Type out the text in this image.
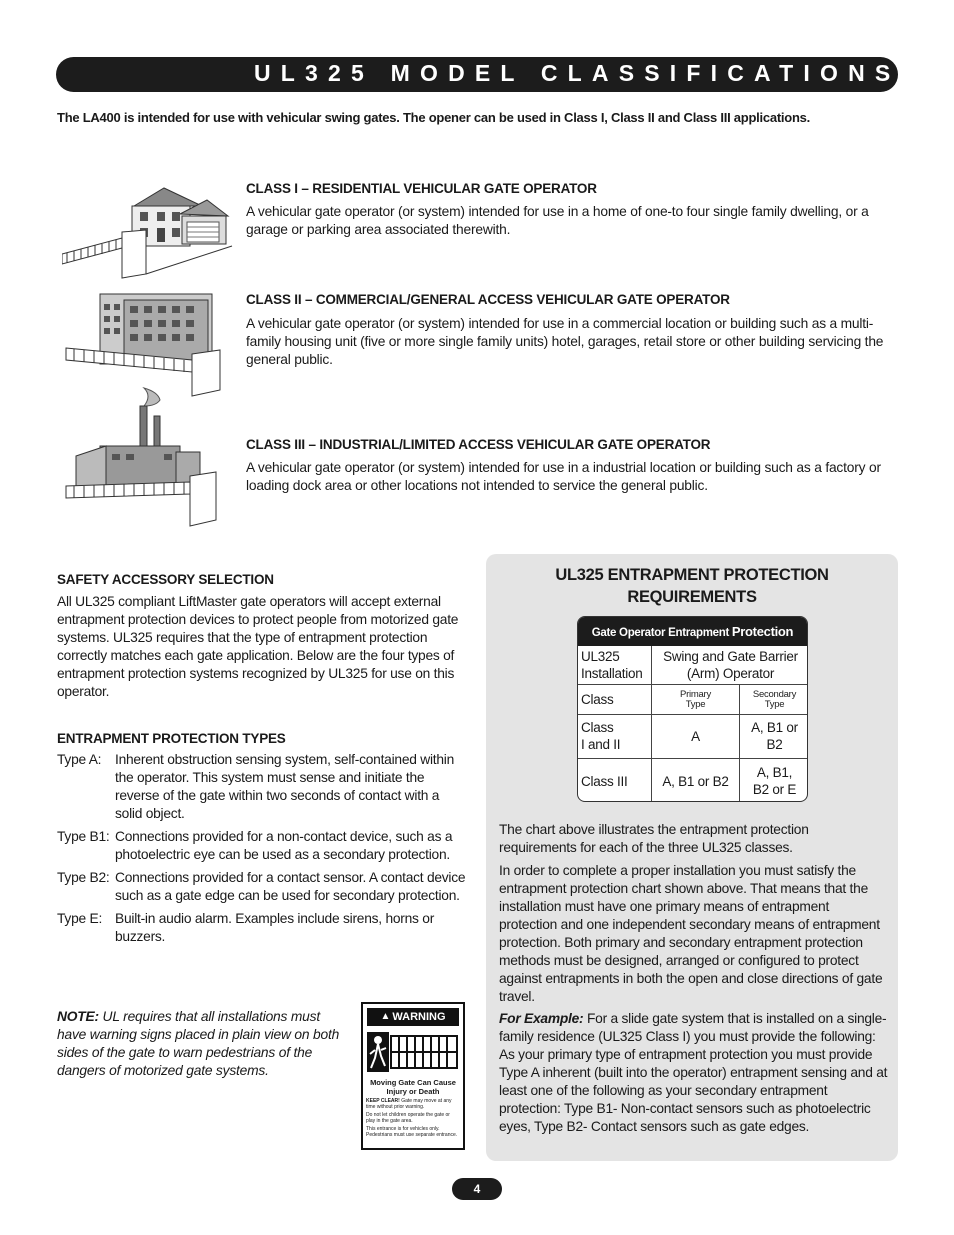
UL325 MODEL CLASSIFICATIONS
The LA400 is intended for use with vehicular swing gates. The opener can be used in Class I, Class II and Class III applications.
CLASS I – RESIDENTIAL VEHICULAR GATE OPERATOR
A vehicular gate operator (or system) intended for use in a home of one-to four single family dwelling, or a garage or parking area associated therewith.
CLASS II – COMMERCIAL/GENERAL ACCESS VEHICULAR GATE OPERATOR
A vehicular gate operator (or system) intended for use in a commercial location or building such as a multi-family housing unit (five or more single family units) hotel, garages, retail store or other building servicing the general public.
CLASS III – INDUSTRIAL/LIMITED ACCESS VEHICULAR GATE OPERATOR
A vehicular gate operator (or system) intended for use in a industrial location or building such as a factory or loading dock area or other locations not intended to service the general public.
SAFETY ACCESSORY SELECTION
All UL325 compliant LiftMaster gate operators will accept external entrapment protection devices to protect people from motorized gate systems. UL325 requires that the type of entrapment protection correctly matches each gate application. Below are the four types of entrapment protection systems recognized by UL325 for use on this operator.
ENTRAPMENT PROTECTION TYPES
Type A: Inherent obstruction sensing system, self-contained within the operator. This system must sense and initiate the reverse of the gate within two seconds of contact with a solid object.
Type B1: Connections provided for a non-contact device, such as a photoelectric eye can be used as a secondary protection.
Type B2: Connections provided for a contact sensor. A contact device such as a gate edge can be used for secondary protection.
Type E: Built-in audio alarm. Examples include sirens, horns or buzzers.
NOTE: UL requires that all installations must have warning signs placed in plain view on both sides of the gate to warn pedestrians of the dangers of motorized gate systems.
▲ WARNING
Moving Gate Can Cause Injury or Death
KEEP CLEAR! Gate may move at any time without prior warning.
Do not let children operate the gate or play in the gate area.
This entrance is for vehicles only. Pedestrians must use separate entrance.
UL325 ENTRAPMENT PROTECTION
REQUIREMENTS
Gate Operator Entrapment Protection
UL325
Installation
Swing and Gate Barrier
(Arm) Operator
Class	Primary
Type
Secondary
Type
Class
I and II
A
A, B1 or
B2
Class III	A, B1 or B2
A, B1,
B2 or E
The chart above illustrates the entrapment protection requirements for each of the three UL325 classes.
In order to complete a proper installation you must satisfy the entrapment protection chart shown above. That means that the installation must have one primary means of entrapment protection and one independent secondary means of entrapment protection. Both primary and secondary entrapment protection methods must be designed, arranged or configured to protect against entrapments in both the open and close directions of gate travel.
For Example: For a slide gate system that is installed on a single-family residence (UL325 Class I) you must provide the following: As your primary type of entrapment protection you must provide Type A inherent (built into the operator) entrapment sensing and at least one of the following as your secondary entrapment protection: Type B1- Non-contact sensors such as photoelectric eyes, Type B2- Contact sensors such as gate edges.
4
